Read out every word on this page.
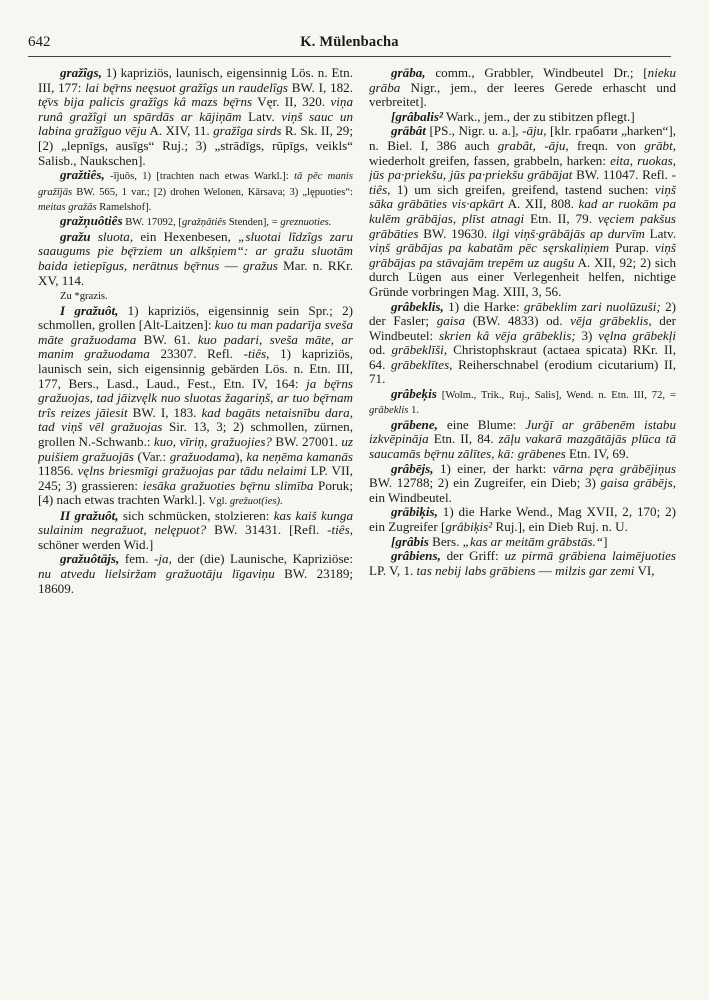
642	K. Mülenbacha

gražîgs, 1) kapriziös, launisch, eigensinnig Lös. n. Etn. III, 177: lai bę̄rns neęsuot gražîgs un raudelîgs BW. I, 182. tę̄vs bija palicis gražîgs kâ mazs bę̄rns Vęr. II, 320. viņa runâ gražîgi un spārdās ar kājiņām Latv. viņš sauc un labina gražîguo vēju A. XIV, 11. gražîga sirds R. Sk. II, 29; [2) „lepnīgs, ausīgs“ Ruj.; 3) „strādīgs, rūpīgs, veikls“ Salisb., Naukschen].

gražtiês, -ījuôs, 1) [trachten nach etwas Warkl.]: tā pēc manis gražījās BW. 565, 1 var.; [2) drohen Welonen, Kārsava; 3) „lępuoties“: meitas gražās Ramelshof].

gražņuôtiês BW. 17092, [gražņâtiês Stenden], = greznuoties.

gražu sluota, ein Hexenbesen, „sluotai lîdzîgs zaru saaugums pie bę̄rziem un alkšņiem“: ar gražu sluotām baida ietiepīgus, nerātnus bę̄rnus — gražus Mar. n. RKr. XV, 114.

Zu *grazis.

I gražuôt, 1) kapriziös, eigensinnig sein Spr.; 2) schmollen, grollen [Alt-Laitzen]: kuo tu man padarīja sveša māte gražuodama BW. 61. kuo padari, sveša māte, ar manim gražuodama 23307. Refl. -tiês, 1) kapriziös, launisch sein, sich eigensinnig gebärden Lös. n. Etn. III, 177, Bers., Lasd., Laud., Fest., Etn. IV, 164: ja bę̄rns gražuojas, tad jāizvęlk nuo sluotas žagariņš, ar tuo bę̄rnam trîs reizes jāiesit BW. I, 183. kad bagāts netaisnību dara, tad viņš vēl gražuojas Sir. 13, 3; 2) schmollen, zürnen, grollen N.-Schwanb.: kuo, vīriņ, gražuojies? BW. 27001. uz puišiem gražuojās (Var.: gražuodama), ka neņēma kamanās 11856. vęlns briesmīgi gražuojas par tādu nelaimi LP. VII, 245; 3) grassieren: iesāka gražuoties bę̄rnu slimība Poruk; [4) nach etwas trachten Warkl.]. Vgl. grežuot(ies).

II gražuôt, sich schmücken, stolzieren: kas kaiš kunga sulainim negražuot, nelępuot? BW. 31431. [Refl. -tiês, schöner werden Wid.]

gražuôtājs, fem. -ja, der (die) Launische, Kapriziöse: nu atvedu lielsiržam gražuotāju līgaviņu BW. 23189; 18609.

grāba, comm., Grabbler, Windbeutel Dr.; [nieku grāba Nigr., jem., der leeres Gerede erhascht und verbreitet].

[grâbalis² Wark., jem., der zu stibitzen pflegt.]

grābât [PS., Nigr. u. a.], -āju, [klr. грабати „harken“], n. Biel. I, 386 auch grabât, -āju, freqn. von grābt, wiederholt greifen, fassen, grabbeln, harken: eita, ruokas, jūs pa·priekšu, jūs pa·priekšu grābājat BW. 11047. Refl. -tiês, 1) um sich greifen, greifend, tastend suchen: viņš sāka grābāties vis·apkārt A. XII, 808. kad ar ruokām pa kulēm grābājas, plīst atnagi Etn. II, 79. vęciem pakšus grābāties BW. 19630. ilgi viņš·grābājās ap durvīm Latv. viņš grābājas pa kabatām pēc sęrskaliņiem Purap. viņš grābājas pa stāvajām trepēm uz augšu A. XII, 92; 2) sich durch Lügen aus einer Verlegenheit helfen, nichtige Gründe vorbringen Mag. XIII, 3, 56.

grâbeklis, 1) die Harke: grābeklim zari nuolūzuši; 2) der Fasler; gaisa (BW. 4833) od. vēja grābeklis, der Windbeutel: skrien kâ vēja grābeklis; 3) vęlna grābekļi od. grābeklīši, Christophskraut (actaea spicata) RKr. II, 64. grābeklītes, Reiherschnabel (erodium cicutarium) II, 71.

grâbeķis [Wolm., Trik., Ruj., Salis], Wend. n. Etn. III, 72, = grābeklis 1.

grābene, eine Blume: Jurğī ar grābenēm istabu izkvēpināja Etn. II, 84. zāļu vakarā mazgātājās plūca tā saucamās bę̄rnu zālītes, kā: grābenes Etn. IV, 69.

grâbējs, 1) einer, der harkt: vārna pęra grābējiņus BW. 12788; 2) ein Zugreifer, ein Dieb; 3) gaisa grābējs, ein Windbeutel.

grābiķis, 1) die Harke Wend., Mag XVII, 2, 170; 2) ein Zugreifer [grâbiķis² Ruj.], ein Dieb Ruj. n. U.

[grâbis Bers. „kas ar meitām grābstās.“]

grâbiens, der Griff: uz pirmā grābiena laimējuoties LP. V, 1. tas nebij labs grābiens — milzis gar zemi VI,
